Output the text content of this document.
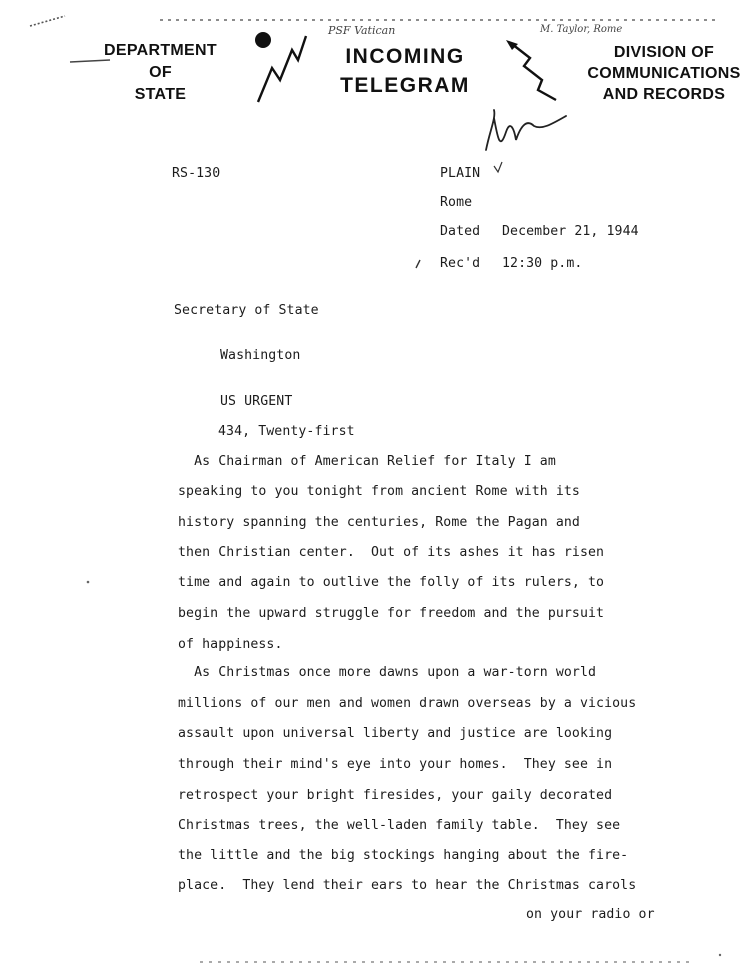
DEPARTMENT
OF
STATE
INCOMING
TELEGRAM
DIVISION OF
COMMUNICATIONS
AND RECORDS
PSF Vatican	M. Taylor, Rome
RS-130	PLAIN
Rome
Dated December 21, 1944
Rec'd 12:30 p.m.
Secretary of State
Washington
US URGENT
434, Twenty-first
As Chairman of American Relief for Italy I am
speaking to you tonight from ancient Rome with its
history spanning the centuries, Rome the Pagan and
then Christian center.  Out of its ashes it has risen
time and again to outlive the folly of its rulers, to
begin the upward struggle for freedom and the pursuit
of happiness.
As Christmas once more dawns upon a war-torn world
millions of our men and women drawn overseas by a vicious
assault upon universal liberty and justice are looking
through their mind's eye into your homes.  They see in
retrospect your bright firesides, your gaily decorated
Christmas trees, the well-laden family table.  They see
the little and the big stockings hanging about the fire-
place.  They lend their ears to hear the Christmas carols
on your radio or
